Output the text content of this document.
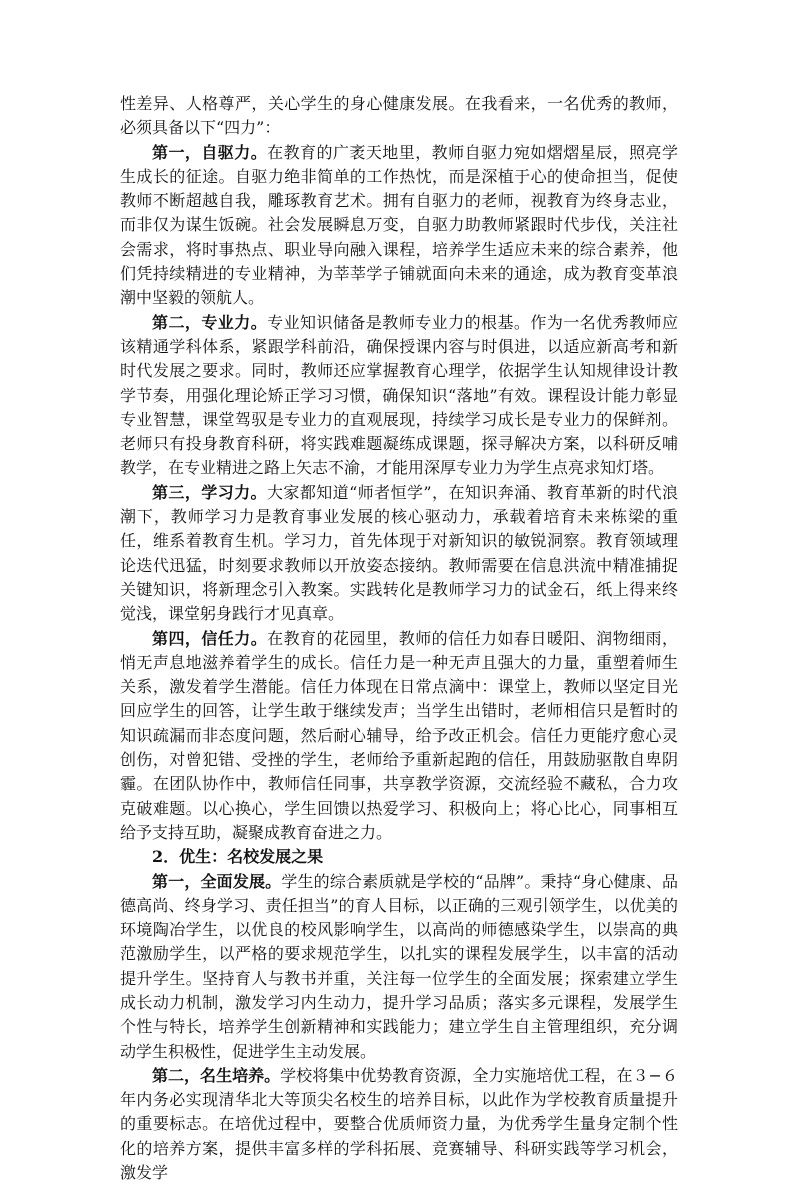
性差异、人格尊严，关心学生的身心健康发展。在我看来，一名优秀的教师，必须具备以下“四力”：

第一，自驱力。在教育的广袤天地里，教师自驱力宛如熠熠星辰，照亮学生成长的征途。自驱力绝非简单的工作热忱，而是深植于心的使命担当，促使教师不断超越自我，雕琢教育艺术。拥有自驱力的老师，视教育为终身志业，而非仅为谋生饭碗。社会发展瞬息万变，自驱力助教师紧跟时代步伐，关注社会需求，将时事热点、职业导向融入课程，培养学生适应未来的综合素养，他们凭持续精进的专业精神，为莘莘学子铺就面向未来的通途，成为教育变革浪潮中坚毅的领航人。

第二，专业力。专业知识储备是教师专业力的根基。作为一名优秀教师应该精通学科体系，紧跟学科前沿，确保授课内容与时俱进，以适应新高考和新时代发展之要求。同时，教师还应掌握教育心理学，依据学生认知规律设计教学节奏，用强化理论矫正学习习惯，确保知识“落地”有效。课程设计能力彰显专业智慧，课堂驾驭是专业力的直观展现，持续学习成长是专业力的保鲜剂。老师只有投身教育科研，将实践难题凝练成课题，探寻解决方案，以科研反哺教学，在专业精进之路上矢志不渝，才能用深厚专业力为学生点亮求知灯塔。

第三，学习力。大家都知道“师者恒学”，在知识奔涌、教育革新的时代浪潮下，教师学习力是教育事业发展的核心驱动力，承载着培育未来栋梁的重任，维系着教育生机。学习力，首先体现于对新知识的敏锐洞察。教育领域理论迭代迅猛，时刻要求教师以开放姿态接纳。教师需要在信息洪流中精准捕捉关键知识，将新理念引入教案。实践转化是教师学习力的试金石，纸上得来终觉浅，课堂躬身践行才见真章。

第四，信任力。在教育的花园里，教师的信任力如春日暖阳、润物细雨，悄无声息地滋养着学生的成长。信任力是一种无声且强大的力量，重塑着师生关系，激发着学生潜能。信任力体现在日常点滴中：课堂上，教师以坚定目光回应学生的回答，让学生敢于继续发声；当学生出错时，老师相信只是暂时的知识疏漏而非态度问题，然后耐心辅导，给予改正机会。信任力更能疗愈心灵创伤，对曾犯错、受挫的学生，老师给予重新起跑的信任，用鼓励驱散自卑阴霾。在团队协作中，教师信任同事，共享教学资源，交流经验不藏私，合力攻克破难题。以心换心，学生回馈以热爱学习、积极向上；将心比心，同事相互给予支持互助，凝聚成教育奋进之力。

2．优生：名校发展之果

第一，全面发展。学生的综合素质就是学校的“品牌”。秉持“身心健康、品德高尚、终身学习、责任担当”的育人目标，以正确的三观引领学生，以优美的环境陶冶学生，以优良的校风影响学生，以高尚的师德感染学生，以崇高的典范激励学生，以严格的要求规范学生，以扎实的课程发展学生，以丰富的活动提升学生。坚持育人与教书并重，关注每一位学生的全面发展；探索建立学生成长动力机制，激发学习内生动力，提升学习品质；落实多元课程，发展学生个性与特长，培养学生创新精神和实践能力；建立学生自主管理组织，充分调动学生积极性，促进学生主动发展。

第二，名生培养。学校将集中优势教育资源，全力实施培优工程，在３−６年内务必实现清华北大等顶尖名校生的培养目标，以此作为学校教育质量提升的重要标志。在培优过程中，要整合优质师资力量，为优秀学生量身定制个性化的培养方案，提供丰富多样的学科拓展、竞赛辅导、科研实践等学习机会，激发学
